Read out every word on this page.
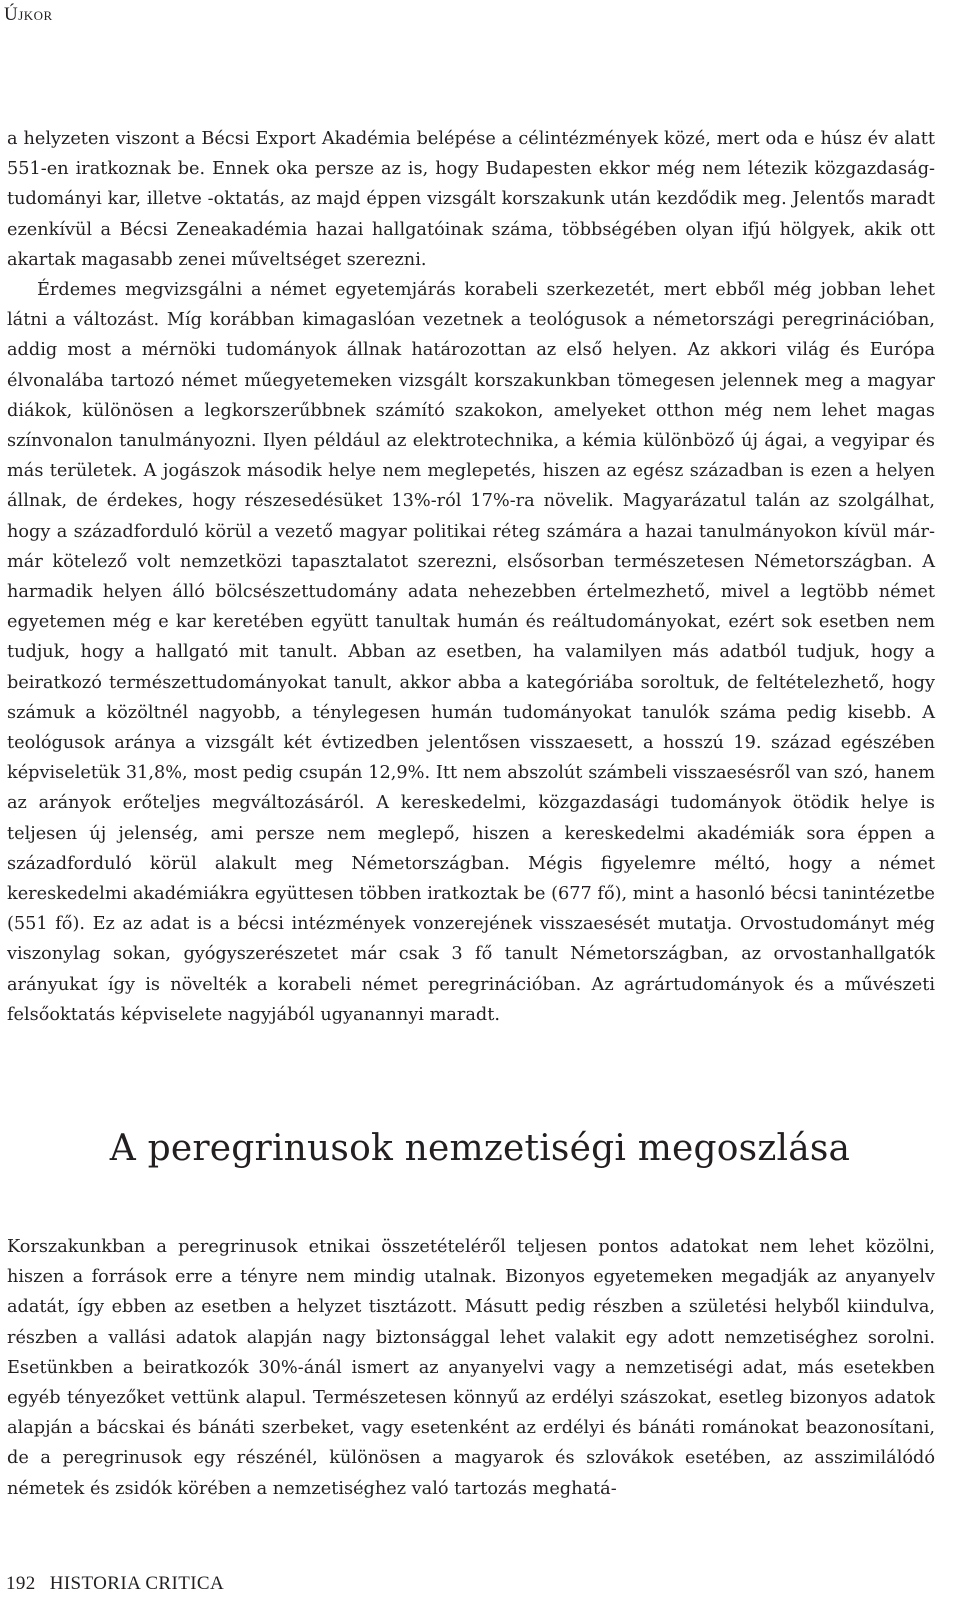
Újkor

a helyzeten viszont a Bécsi Export Akadémia belépése a célintézmények közé, mert oda e húsz év alatt 551-en iratkoznak be. Ennek oka persze az is, hogy Budapesten ekkor még nem létezik közgazdaság-tudományi kar, illetve -oktatás, az majd éppen vizsgált korszakunk után kezdődik meg. Jelentős maradt ezenkívül a Bécsi Zeneakadémia hazai hallgatóinak száma, többségében olyan ifjú hölgyek, akik ott akartak magasabb zenei műveltséget szerezni.

Érdemes megvizsgálni a német egyetemjárás korabeli szerkezetét, mert ebből még jobban lehet látni a változást. Míg korábban kimagaslóan vezetnek a teológusok a németországi peregrinációban, addig most a mérnöki tudományok állnak határozottan az első helyen. Az akkori világ és Európa élvonalába tartozó német műegyetemeken vizsgált korszakunkban tömegesen jelennek meg a magyar diákok, különösen a legkorszerűbbnek számító szakokon, amelyeket otthon még nem lehet magas színvonalon tanulmányozni. Ilyen például az elektrotechnika, a kémia különböző új ágai, a vegyipar és más területek. A jogászok második helye nem meglepetés, hiszen az egész században is ezen a helyen állnak, de érdekes, hogy részesedésüket 13%-ról 17%-ra növelik. Magyarázatul talán az szolgálhat, hogy a századforduló körül a vezető magyar politikai réteg számára a hazai tanulmányokon kívül már-már kötelező volt nemzetközi tapasztalatot szerezni, elsősorban természetesen Németországban. A harmadik helyen álló bölcsészettudomány adata nehezebben értelmezhető, mivel a legtöbb német egyetemen még e kar keretében együtt tanultak humán és reáltudományokat, ezért sok esetben nem tudjuk, hogy a hallgató mit tanult. Abban az esetben, ha valamilyen más adatból tudjuk, hogy a beiratkozó természettudományokat tanult, akkor abba a kategóriába soroltuk, de feltételezhető, hogy számuk a közöltnél nagyobb, a ténylegesen humán tudományokat tanulók száma pedig kisebb. A teológusok aránya a vizsgált két évtizedben jelentősen visszaesett, a hosszú 19. század egészében képviseletük 31,8%, most pedig csupán 12,9%. Itt nem abszolút számbeli visszaesésről van szó, hanem az arányok erőteljes megváltozásáról. A kereskedelmi, közgazdasági tudományok ötödik helye is teljesen új jelenség, ami persze nem meglepő, hiszen a kereskedelmi akadémiák sora éppen a századforduló körül alakult meg Németországban. Mégis figyelemre méltó, hogy a német kereskedelmi akadémiákra együttesen többen iratkoztak be (677 fő), mint a hasonló bécsi tanintézetbe (551 fő). Ez az adat is a bécsi intézmények vonzerejének visszaesését mutatja. Orvostudományt még viszonylag sokan, gyógyszerészetet már csak 3 fő tanult Németországban, az orvostanhallgatók arányukat így is növelték a korabeli német peregrinációban. Az agrártudományok és a művészeti felsőoktatás képviselete nagyjából ugyanannyi maradt.

A peregrinusok nemzetiségi megoszlása

Korszakunkban a peregrinusok etnikai összetételéről teljesen pontos adatokat nem lehet közölni, hiszen a források erre a tényre nem mindig utalnak. Bizonyos egyetemeken megadják az anyanyelv adatát, így ebben az esetben a helyzet tisztázott. Másutt pedig részben a születési helyből kiindulva, részben a vallási adatok alapján nagy biztonsággal lehet valakit egy adott nemzetiséghez sorolni. Esetünkben a beiratkozók 30%-ánál ismert az anyanyelvi vagy a nemzetiségi adat, más esetekben egyéb tényezőket vettünk alapul. Természetesen könnyű az erdélyi szászokat, esetleg bizonyos adatok alapján a bácskai és bánáti szerbeket, vagy esetenként az erdélyi és bánáti románokat beazonosítani, de a peregrinusok egy részénél, különösen a magyarok és szlovákok esetében, az asszimilálódó németek és zsidók körében a nemzetiséghez való tartozás meghatá-

192 HISTORIA CRITICA
